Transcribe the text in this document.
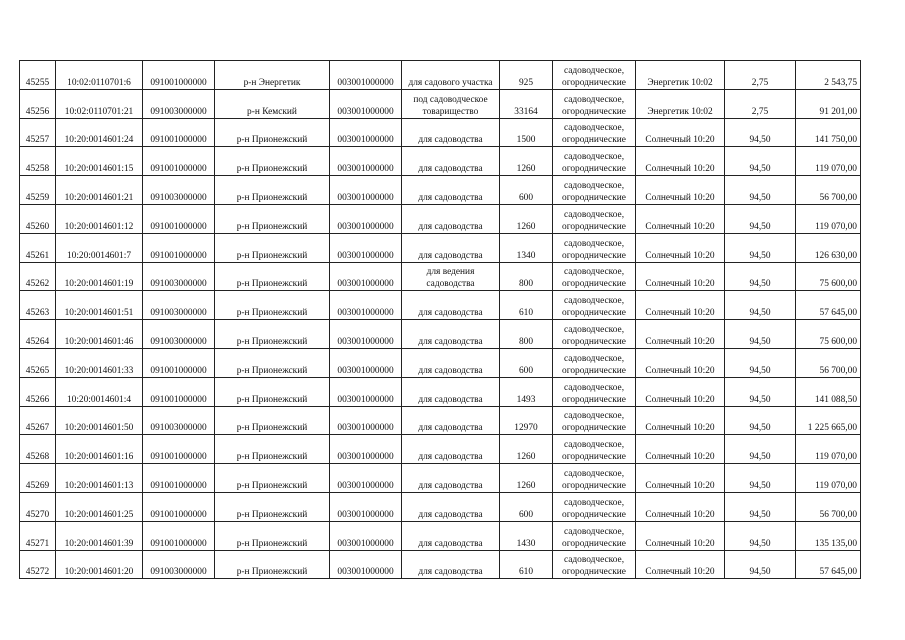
45255	10:02:0110701:6	091001000000	р-н Энергетик	003001000000	для садового участка	925	садоводческое,
огороднические	Энергетик 10:02	2,75	2 543,75
45256	10:02:0110701:21	091003000000	р-н Кемский	003001000000	под садоводческое товарищество	33164	садоводческое,
огороднические	Энергетик 10:02	2,75	91 201,00
45257	10:20:0014601:24	091001000000	р-н Прионежский	003001000000	для садоводства	1500	садоводческое,
огороднические	Солнечный 10:20	94,50	141 750,00
45258	10:20:0014601:15	091001000000	р-н Прионежский	003001000000	для садоводства	1260	садоводческое,
огороднические	Солнечный 10:20	94,50	119 070,00
45259	10:20:0014601:21	091003000000	р-н Прионежский	003001000000	для садоводства	600	садоводческое,
огороднические	Солнечный 10:20	94,50	56 700,00
45260	10:20:0014601:12	091001000000	р-н Прионежский	003001000000	для садоводства	1260	садоводческое,
огороднические	Солнечный 10:20	94,50	119 070,00
45261	10:20:0014601:7	091001000000	р-н Прионежский	003001000000	для садоводства	1340	садоводческое,
огороднические	Солнечный 10:20	94,50	126 630,00
45262	10:20:0014601:19	091003000000	р-н Прионежский	003001000000	для ведения садоводства	800	садоводческое,
огороднические	Солнечный 10:20	94,50	75 600,00
45263	10:20:0014601:51	091003000000	р-н Прионежский	003001000000	для садоводства	610	садоводческое,
огороднические	Солнечный 10:20	94,50	57 645,00
45264	10:20:0014601:46	091003000000	р-н Прионежский	003001000000	для садоводства	800	садоводческое,
огороднические	Солнечный 10:20	94,50	75 600,00
45265	10:20:0014601:33	091001000000	р-н Прионежский	003001000000	для садоводства	600	садоводческое,
огороднические	Солнечный 10:20	94,50	56 700,00
45266	10:20:0014601:4	091001000000	р-н Прионежский	003001000000	для садоводства	1493	садоводческое,
огороднические	Солнечный 10:20	94,50	141 088,50
45267	10:20:0014601:50	091003000000	р-н Прионежский	003001000000	для садоводства	12970	садоводческое,
огороднические	Солнечный 10:20	94,50	1 225 665,00
45268	10:20:0014601:16	091001000000	р-н Прионежский	003001000000	для садоводства	1260	садоводческое,
огороднические	Солнечный 10:20	94,50	119 070,00
45269	10:20:0014601:13	091001000000	р-н Прионежский	003001000000	для садоводства	1260	садоводческое,
огороднические	Солнечный 10:20	94,50	119 070,00
45270	10:20:0014601:25	091001000000	р-н Прионежский	003001000000	для садоводства	600	садоводческое,
огороднические	Солнечный 10:20	94,50	56 700,00
45271	10:20:0014601:39	091001000000	р-н Прионежский	003001000000	для садоводства	1430	садоводческое,
огороднические	Солнечный 10:20	94,50	135 135,00
45272	10:20:0014601:20	091003000000	р-н Прионежский	003001000000	для садоводства	610	садоводческое,
огороднические	Солнечный 10:20	94,50	57 645,00
